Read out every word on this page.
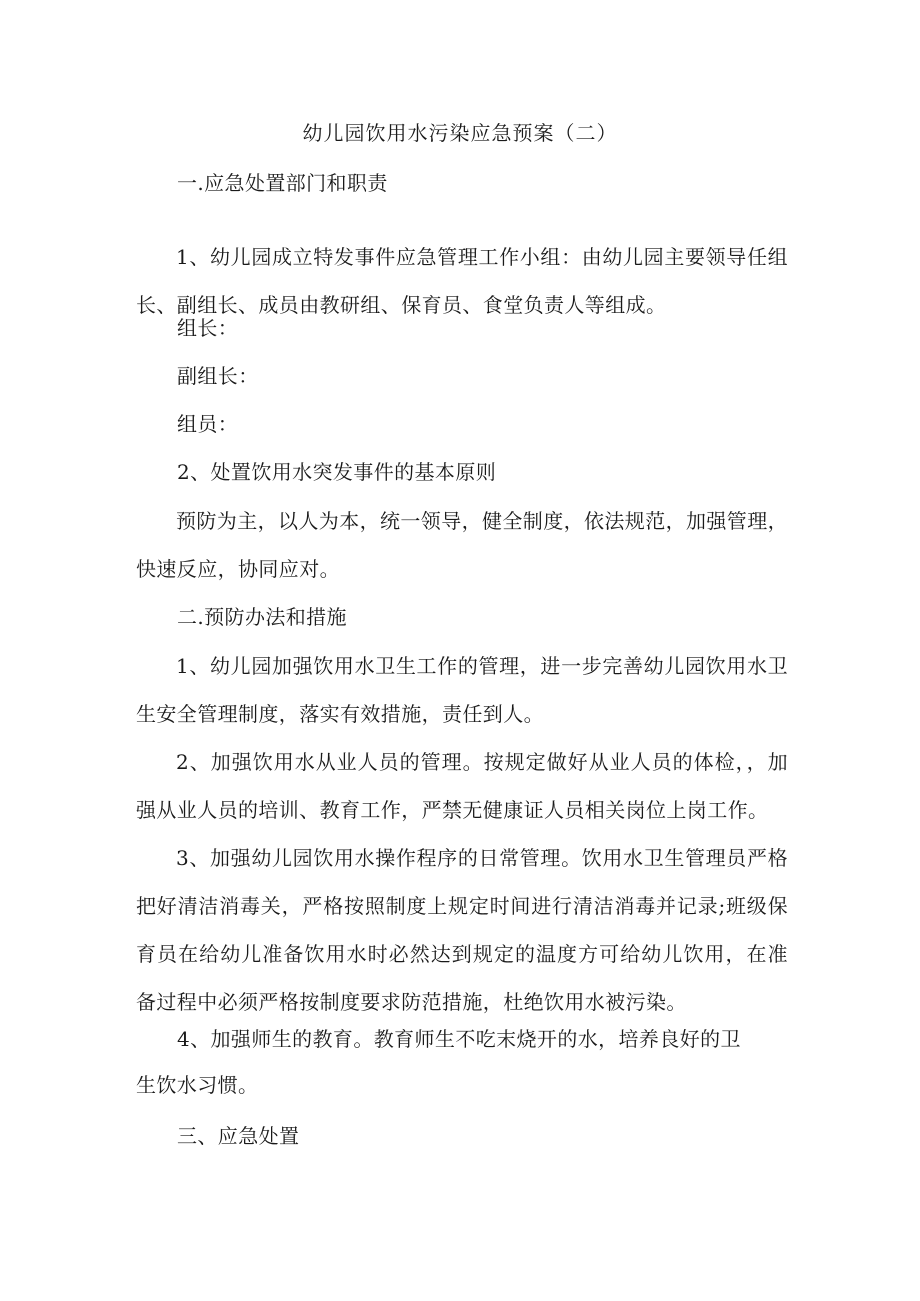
幼儿园饮用水污染应急预案（二）
一.应急处置部门和职责
1、幼儿园成立特发事件应急管理工作小组：由幼儿园主要领导任组长、副组长、成员由教研组、保育员、食堂负责人等组成。
组长：
副组长：
组员：
2、处置饮用水突发事件的基本原则
预防为主，以人为本，统一领导，健全制度，依法规范，加强管理，快速反应，协同应对。
二.预防办法和措施
1、幼儿园加强饮用水卫生工作的管理，进一步完善幼儿园饮用水卫生安全管理制度，落实有效措施，责任到人。
2、加强饮用水从业人员的管理。按规定做好从业人员的体检，，加强从业人员的培训、教育工作，严禁无健康证人员相关岗位上岗工作。
3、加强幼儿园饮用水操作程序的日常管理。饮用水卫生管理员严格把好清洁消毒关，严格按照制度上规定时间进行清洁消毒并记录;班级保育员在给幼儿准备饮用水时必然达到规定的温度方可给幼儿饮用，在准备过程中必须严格按制度要求防范措施，杜绝饮用水被污染。
4、加强师生的教育。教育师生不吃末烧开的水，培养良好的卫
生饮水习惯。
三、应急处置
